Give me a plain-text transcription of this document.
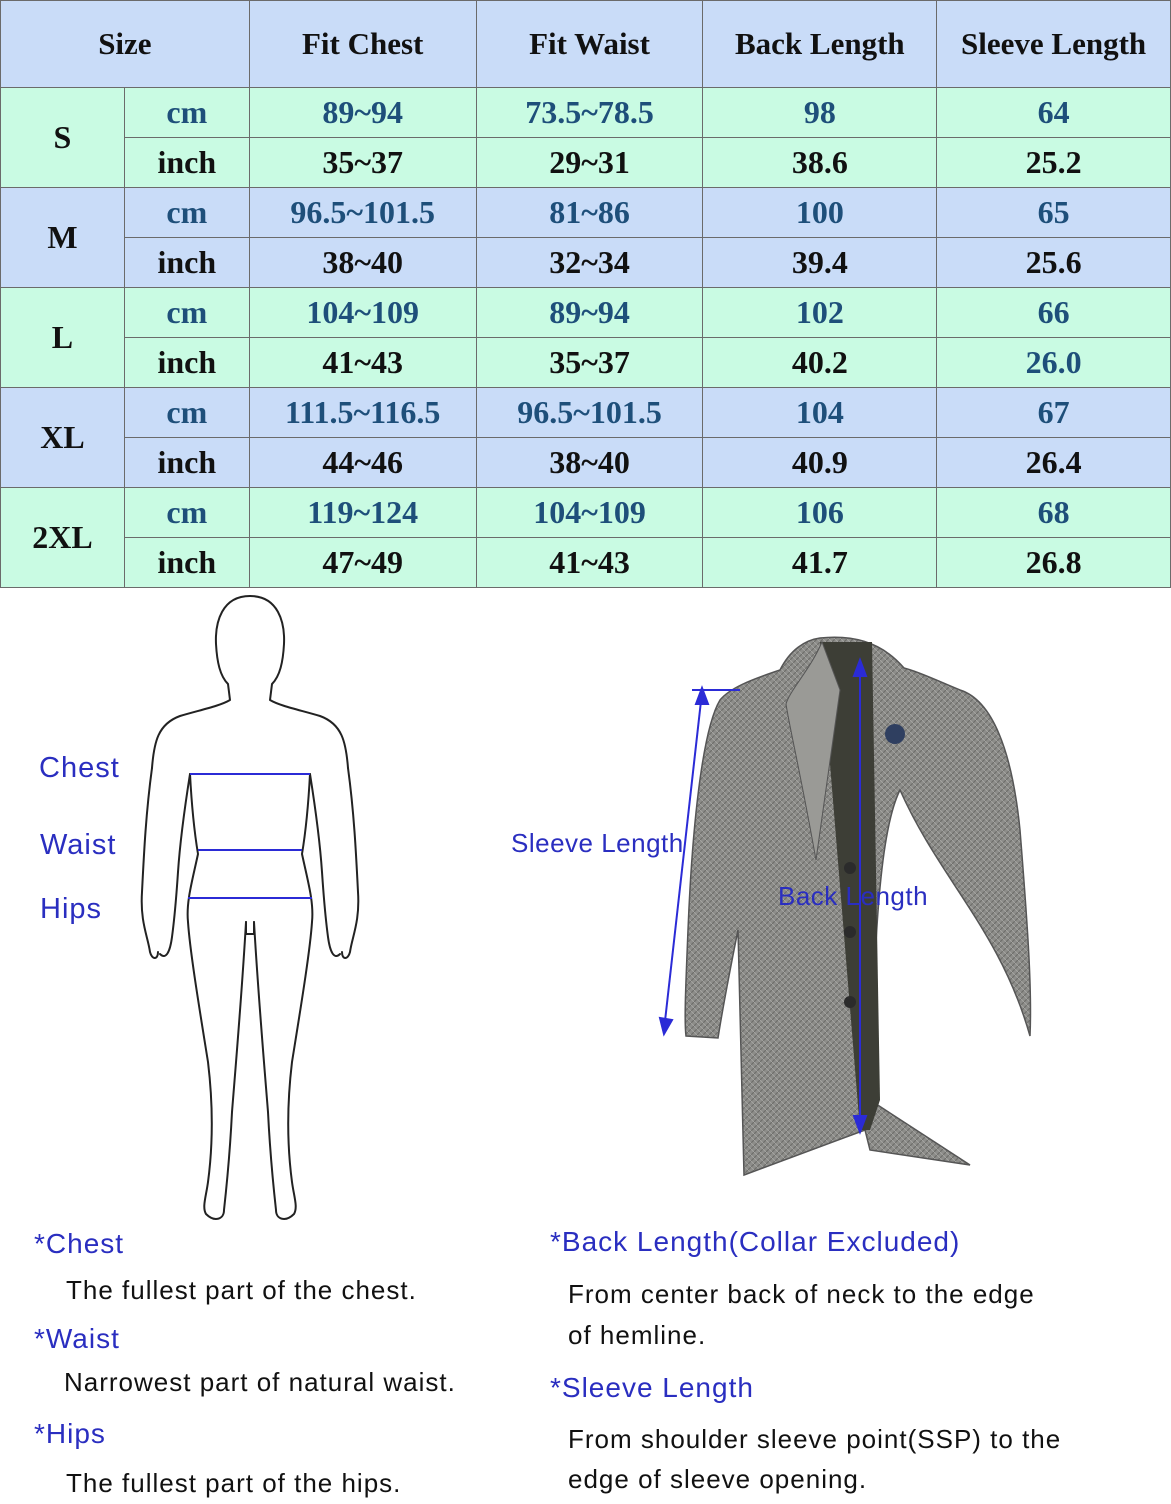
Size		Fit Chest	Fit Waist	Back Length	Sleeve Length
S	cm	89~94	73.5~78.5	98	64
	inch	35~37	29~31	38.6	25.2
M	cm	96.5~101.5	81~86	100	65
	inch	38~40	32~34	39.4	25.6
L	cm	104~109	89~94	102	66
	inch	41~43	35~37	40.2	26.0
XL	cm	111.5~116.5	96.5~101.5	104	67
	inch	44~46	38~40	40.9	26.4
2XL	cm	119~124	104~109	106	68
	inch	47~49	41~43	41.7	26.8
Chest
Waist
Hips
Sleeve Length
Back Length
*Chest
The fullest part of the chest.
*Waist
Narrowest part of natural waist.
*Hips
The fullest part of the hips.
*Back Length(Collar Excluded)
From center back of neck to the edge
of hemline.
*Sleeve Length
From shoulder sleeve point(SSP) to the
edge of sleeve opening.
